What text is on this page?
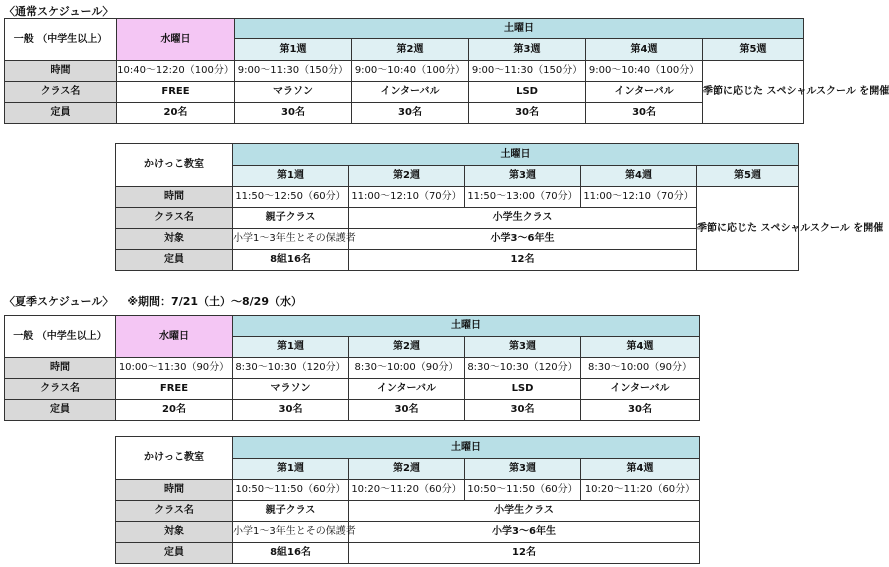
〈通常スケジュール〉
一般 （中学生以上）	水曜日	土曜日				
		第1週	第2週	第3週	第4週	第5週
時間	10:40〜12:20（100分）	9:00〜11:30（150分）	9:00〜10:40（100分）	9:00〜11:30（150分）	9:00〜10:40（100分）	季節に応じた スペシャルスクール を開催
クラス名	FREE	マラソン	インターバル	LSD	インターバル	
定員	20名	30名	30名	30名	30名	
かけっこ教室	土曜日				
	第1週	第2週	第3週	第4週	第5週
時間	11:50〜12:50（60分）	11:00〜12:10（70分）	11:50〜13:00（70分）	11:00〜12:10（70分）	季節に応じた スペシャルスクール を開催
クラス名	親子クラス	小学生クラス			
対象	小学1〜3年生とその保護者	小学3〜6年生			
定員	8組16名	12名			
〈夏季スケジュール〉 ※期間：7/21（土）〜8/29（水）
一般 （中学生以上）	水曜日	土曜日			
		第1週	第2週	第3週	第4週
時間	10:00〜11:30（90分）	8:30〜10:30（120分）	8:30〜10:00（90分）	8:30〜10:30（120分）	8:30〜10:00（90分）
クラス名	FREE	マラソン	インターバル	LSD	インターバル
定員	20名	30名	30名	30名	30名
かけっこ教室	土曜日			
	第1週	第2週	第3週	第4週
時間	10:50〜11:50（60分）	10:20〜11:20（60分）	10:50〜11:50（60分）	10:20〜11:20（60分）
クラス名	親子クラス	小学生クラス		
対象	小学1〜3年生とその保護者	小学3〜6年生		
定員	8組16名	12名		
